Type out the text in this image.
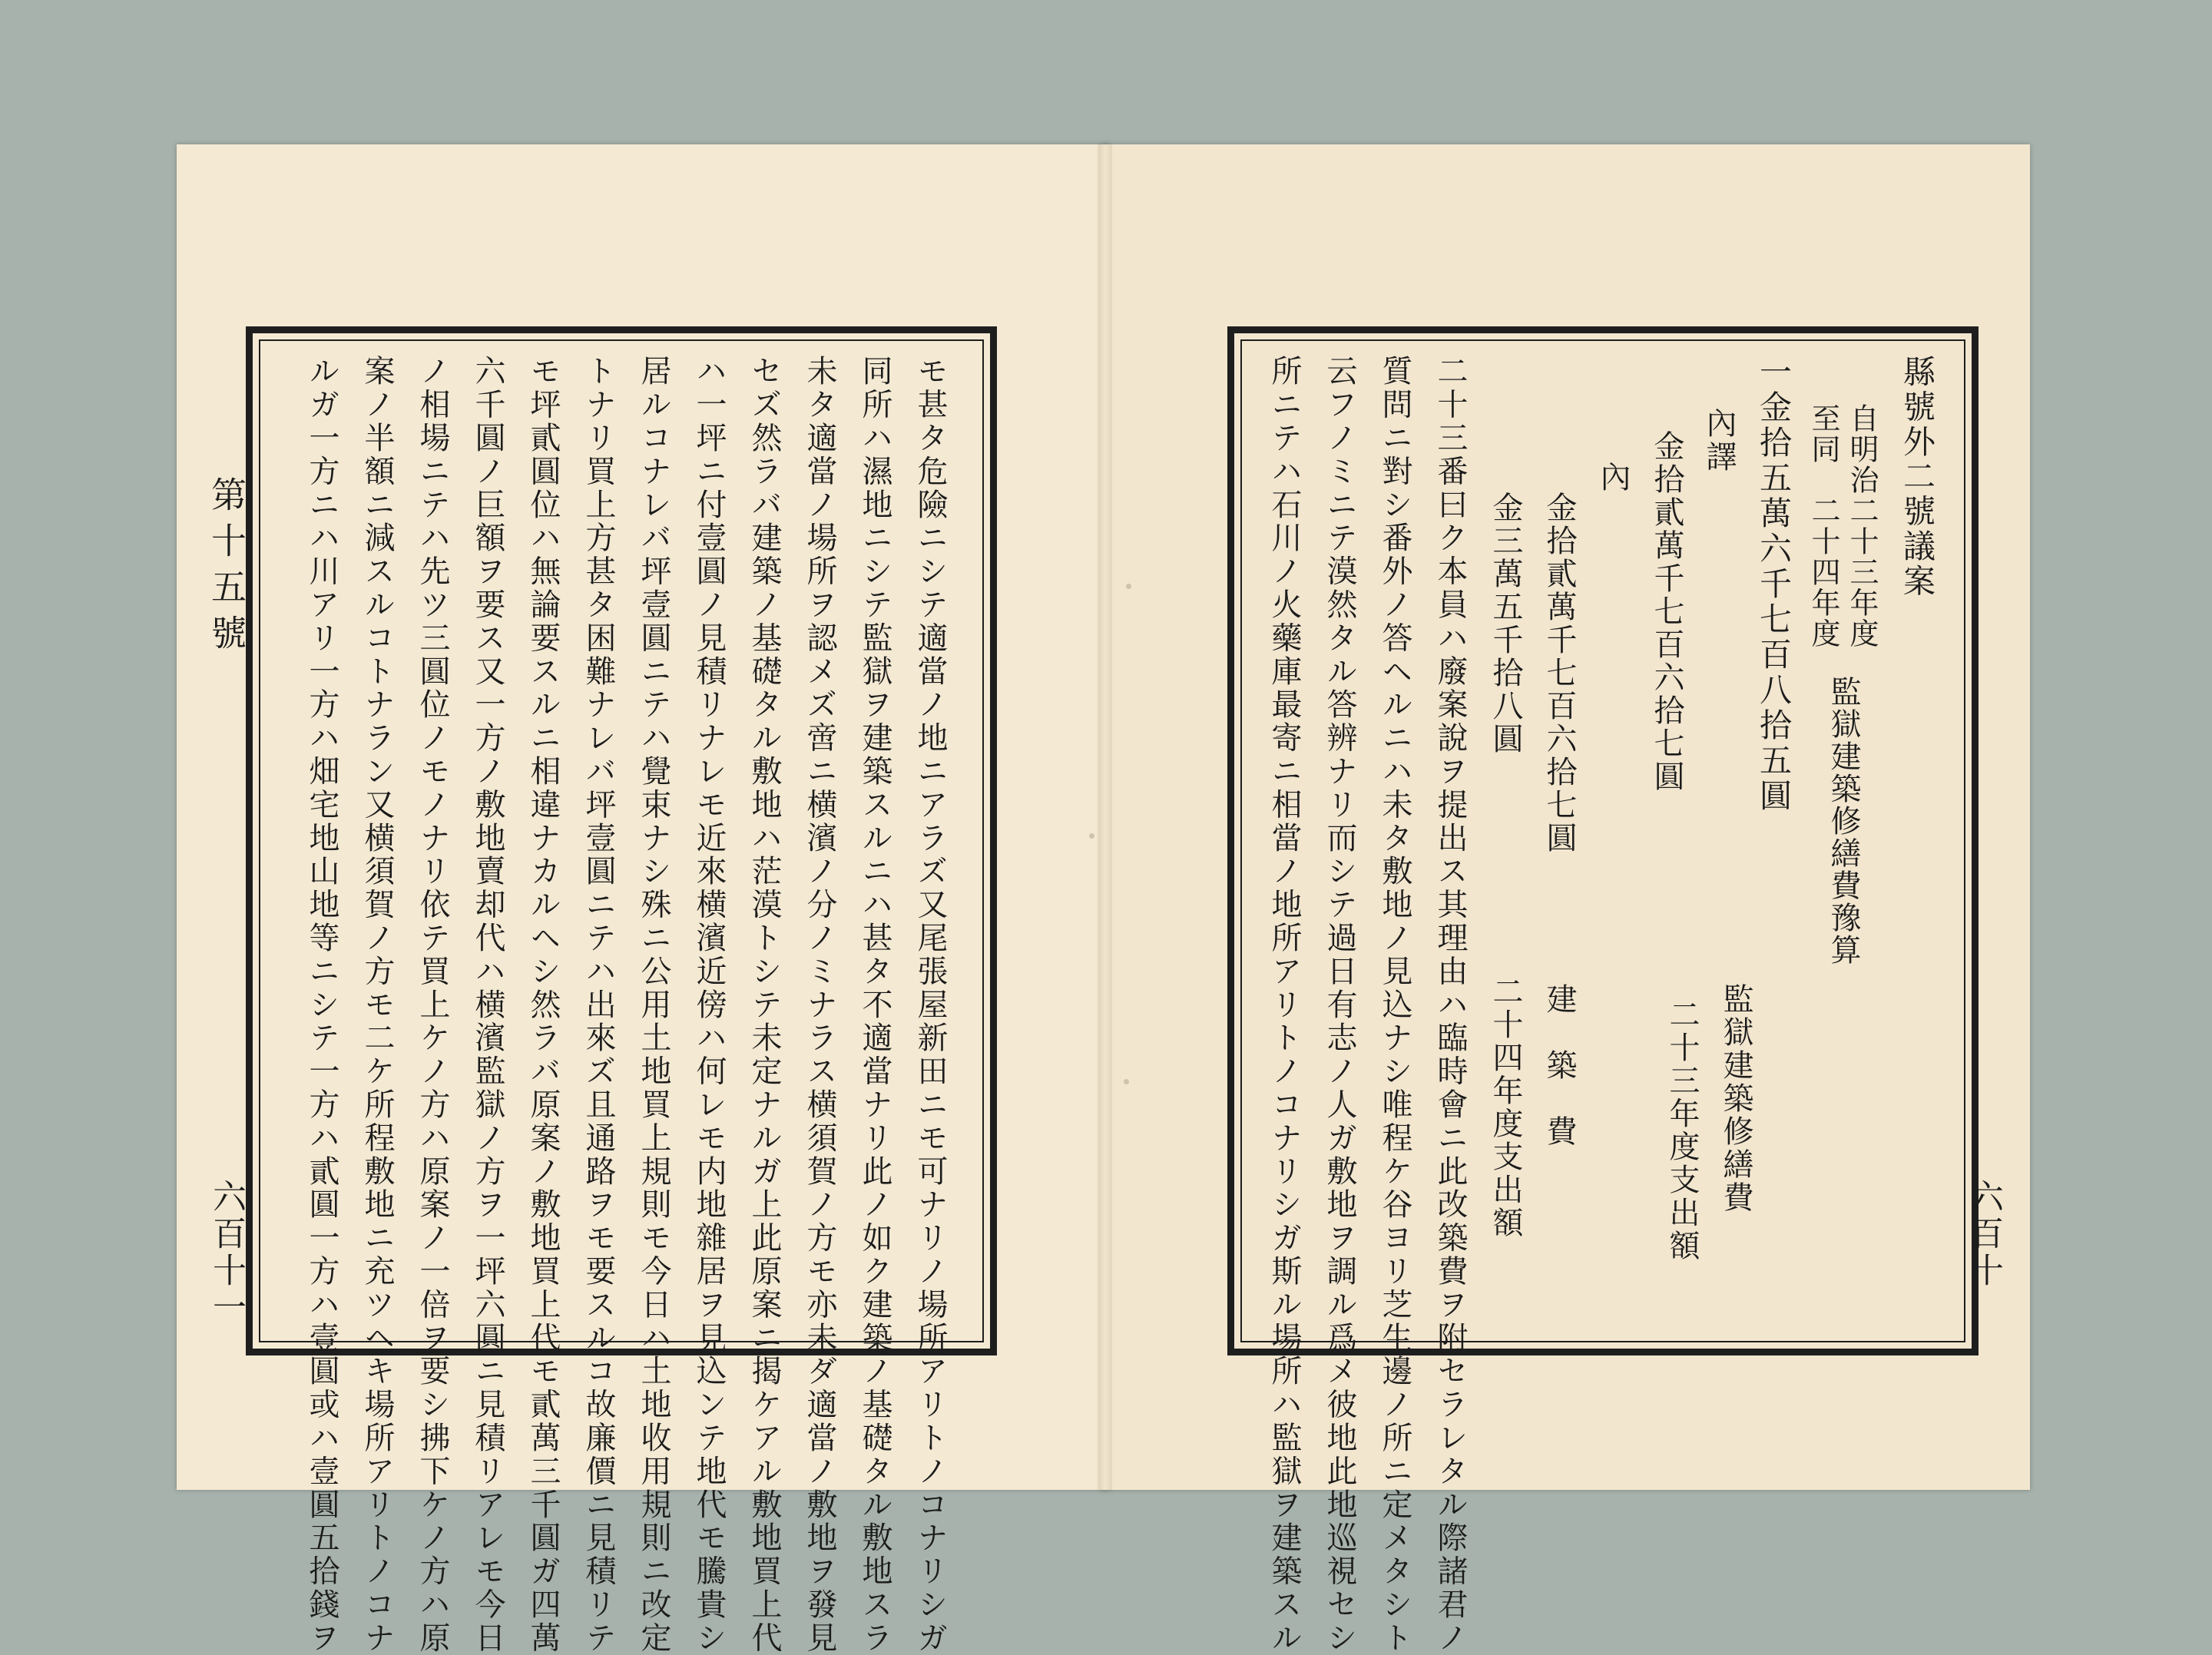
第十五號
六百十一	モ甚タ危險ニシテ適當ノ地ニアラズ又尾張屋新田ニモ可ナリノ場所アリトノコナリシガ
同所ハ濕地ニシテ監獄ヲ建築スルニハ甚タ不適當ナリ此ノ如ク建築ノ基礎タル敷地スラ
未タ適當ノ場所ヲ認メズ啻ニ横濱ノ分ノミナラス横須賀ノ方モ亦未ダ適當ノ敷地ヲ發見
セズ然ラバ建築ノ基礎タル敷地ハ茫漠トシテ未定ナルガ上此原案ニ揭ケアル敷地買上代
ハ一坪ニ付壹圓ノ見積リナレモ近來横濱近傍ハ何レモ内地雜居ヲ見込ンテ地代モ騰貴シ
居ルコナレバ坪壹圓ニテハ覺束ナシ殊ニ公用土地買上規則モ今日ハ土地收用規則ニ改定
トナリ買上方甚タ困難ナレバ坪壹圓ニテハ出來ズ且通路ヲモ要スルコ故廉價ニ見積リテ
モ坪貳圓位ハ無論要スルニ相違ナカルヘシ然ラバ原案ノ敷地買上代モ貳萬三千圓ガ四萬
六千圓ノ巨額ヲ要ス又一方ノ敷地賣却代ハ横濱監獄ノ方ヲ一坪六圓ニ見積リアレモ今日
ノ相場ニテハ先ツ三圓位ノモノナリ依テ買上ケノ方ハ原案ノ一倍ヲ要シ拂下ケノ方ハ原
案ノ半額ニ減スルコトナラン又横須賀ノ方モ二ケ所程敷地ニ充ツヘキ場所アリトノコナ
ルガ一方ニハ川アリ一方ハ畑宅地山地等ニシテ一方ハ貳圓一方ハ壹圓或ハ壹圓五拾錢ヲ	六百十
縣號外二號議案
自明治二十三年度
至同　二十四年度
監獄建築修繕費豫算
一金拾五萬六千七百八拾五圓
內譯
金拾貳萬千七百六拾七圓
二十三年度支出額 監獄建築修繕費
內
金拾貳萬千七百六拾七圓
建　築　費
金三萬五千拾八圓
二十四年度支出額
二十三番曰ク本員ハ廢案說ヲ提出ス其理由ハ臨時會ニ此改築費ヲ附セラレタル際諸君ノ
質問ニ對シ番外ノ答ヘルニハ未タ敷地ノ見込ナシ唯程ケ谷ヨリ芝生邊ノ所ニ定メタシト
云フノミニテ漠然タル答辨ナリ而シテ過日有志ノ人ガ敷地ヲ調ル爲メ彼地此地巡視セシ
所ニテハ石川ノ火藥庫最寄ニ相當ノ地所アリトノコナリシガ斯ル場所ハ監獄ヲ建築スル
